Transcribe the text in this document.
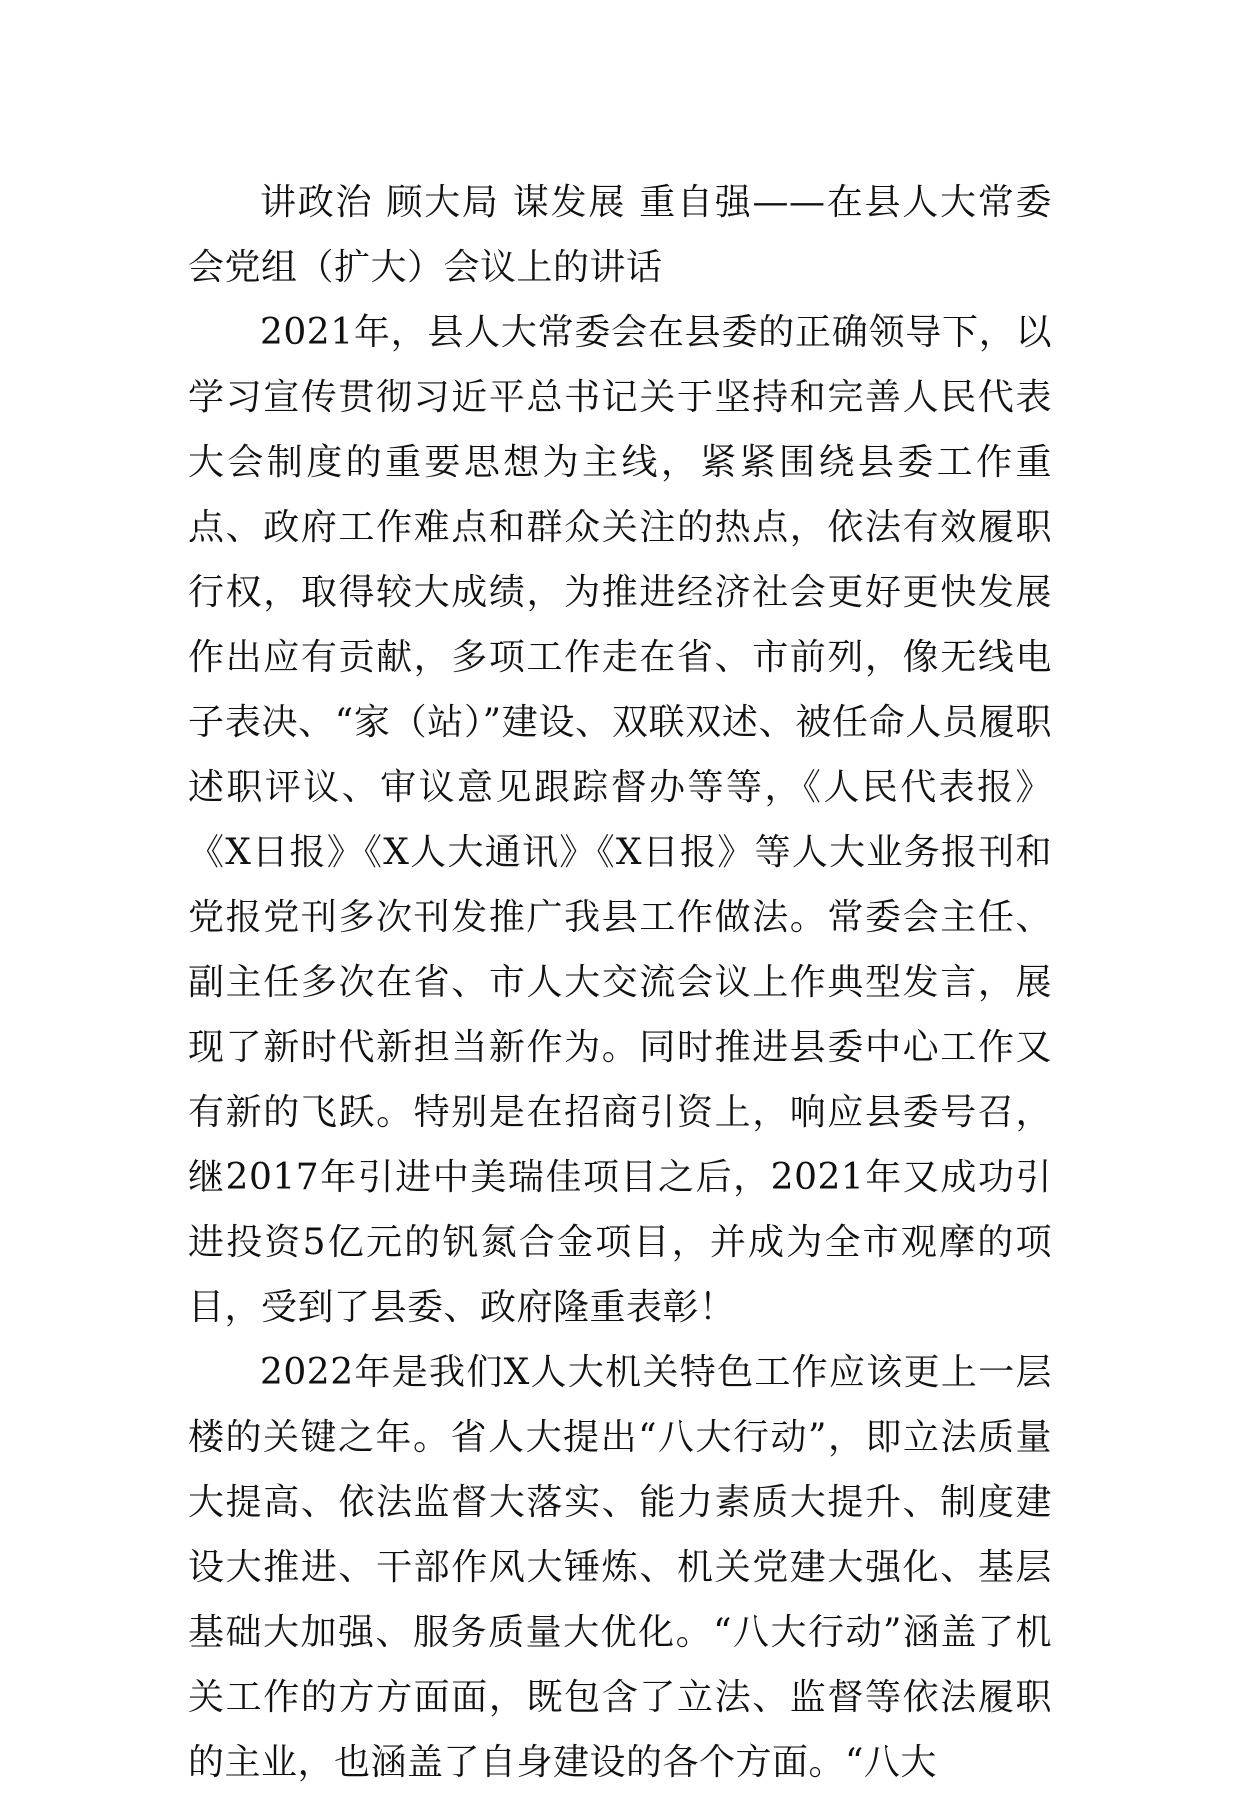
讲政治 顾大局 谋发展 重自强——在县人大常委会党组（扩大）会议上的讲话

2021年，县人大常委会在县委的正确领导下，以学习宣传贯彻习近平总书记关于坚持和完善人民代表大会制度的重要思想为主线，紧紧围绕县委工作重点、政府工作难点和群众关注的热点，依法有效履职行权，取得较大成绩，为推进经济社会更好更快发展作出应有贡献，多项工作走在省、市前列，像无线电子表决、“家（站）”建设、双联双述、被任命人员履职述职评议、审议意见跟踪督办等等，《人民代表报》《X日报》《X人大通讯》《X日报》等人大业务报刊和党报党刊多次刊发推广我县工作做法。常委会主任、副主任多次在省、市人大交流会议上作典型发言，展现了新时代新担当新作为。同时推进县委中心工作又有新的飞跃。特别是在招商引资上，响应县委号召，继2017年引进中美瑞佳项目之后，2021年又成功引进投资5亿元的钒氮合金项目，并成为全市观摩的项目，受到了县委、政府隆重表彰！

2022年是我们X人大机关特色工作应该更上一层楼的关键之年。省人大提出“八大行动”，即立法质量大提高、依法监督大落实、能力素质大提升、制度建设大推进、干部作风大锤炼、机关党建大强化、基层基础大加强、服务质量大优化。“八大行动”涵盖了机关工作的方方面面，既包含了立法、监督等依法履职的主业，也涵盖了自身建设的各个方面。“八大
